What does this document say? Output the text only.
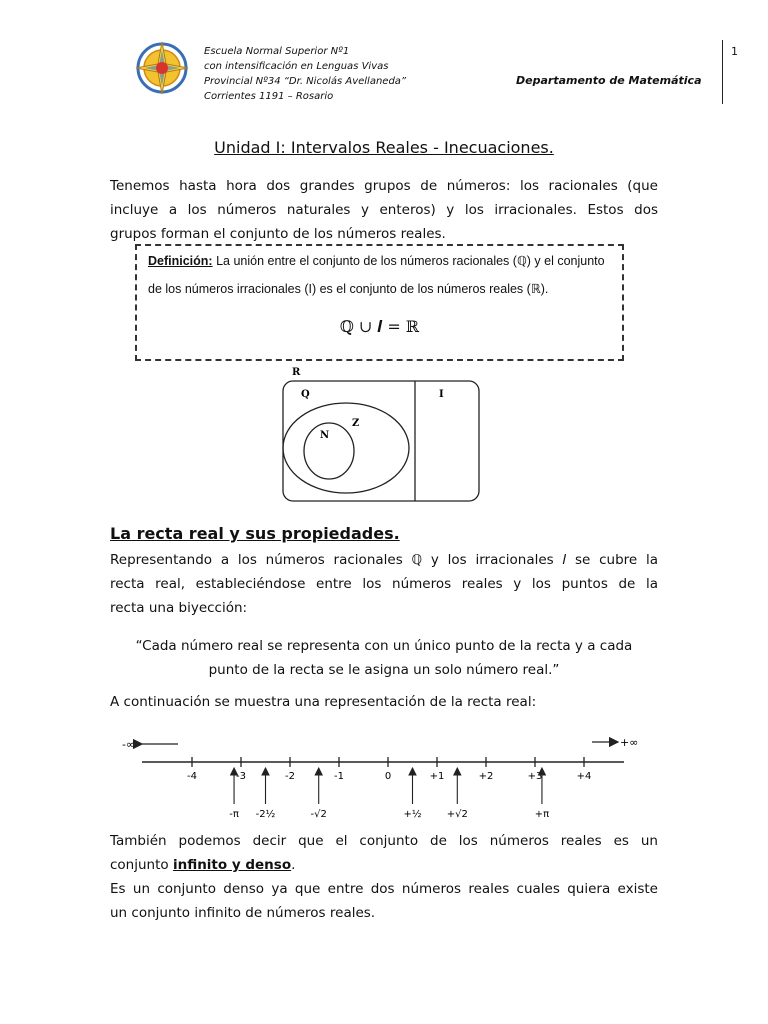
Escuela Normal Superior Nº1
con intensificación en Lenguas Vivas
Provincial Nº34 “Dr. Nicolás Avellaneda”
Corrientes 1191 – Rosario
Departamento de Matemática
1
Unidad I: Intervalos Reales - Inecuaciones.
Tenemos hasta hora dos grandes grupos de números: los racionales (que
incluye a los números naturales y enteros) y los irracionales. Estos dos
grupos forman el conjunto de los números reales.
Definición: La unión entre el conjunto de los números racionales (ℚ) y el conjunto
de los números irracionales (I) es el conjunto de los números reales (ℝ).
ℚ ∪ 𝑰 = ℝ
R
Q	I
Z
N
La recta real y sus propiedades.
Representando a los números racionales ℚ y los irracionales 𝐼 se cubre la
recta real, estableciéndose entre los números reales y los puntos de la
recta una biyección:
“Cada número real se representa con un único punto de la recta y a cada
punto de la recta se le asigna un solo número real.”
A continuación se muestra una representación de la recta real:
-∞	+∞
-4	-3	-2	-1	0	+1	+2	+3	+4
-π -2½	-√2	+½	+√2	+π
También podemos decir que el conjunto de los números reales es un
conjunto infinito y denso.
Es un conjunto denso ya que entre dos números reales cuales quiera existe
un conjunto infinito de números reales.
